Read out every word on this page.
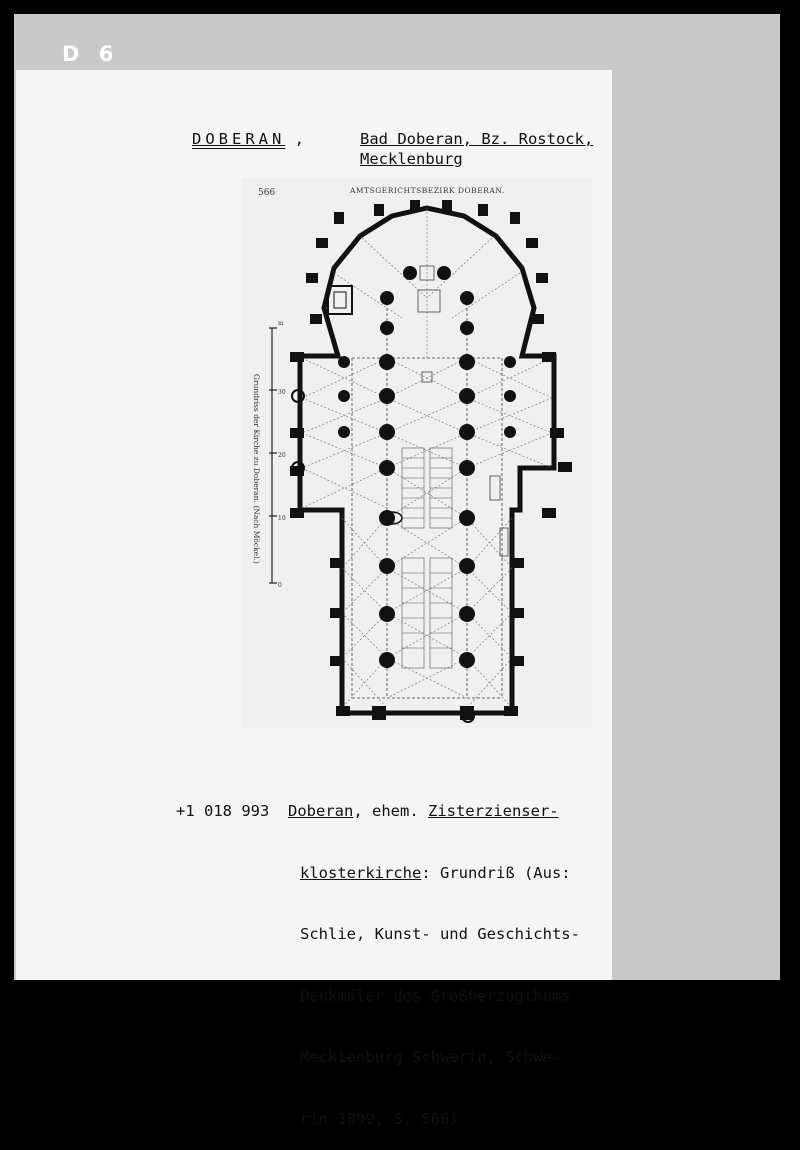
D 6
DOBERAN ,	Bad Doberan, Bz. Rostock,
Mecklenburg
566	AMTSGERICHTSBEZIRK DOBERAN.
Grundriss der Kirche zu Doberan. (Nach Möckel.)	30
20
10
0
m

+1 018 993 Doberan, ehem. Zisterzienser-

klosterkirche: Grundriß (Aus:

Schlie, Kunst- und Geschichts-

Denkmäler des Großherzogthums

Mecklenburg-Schwerin, Schwe-

rin 1899, S. 566)
